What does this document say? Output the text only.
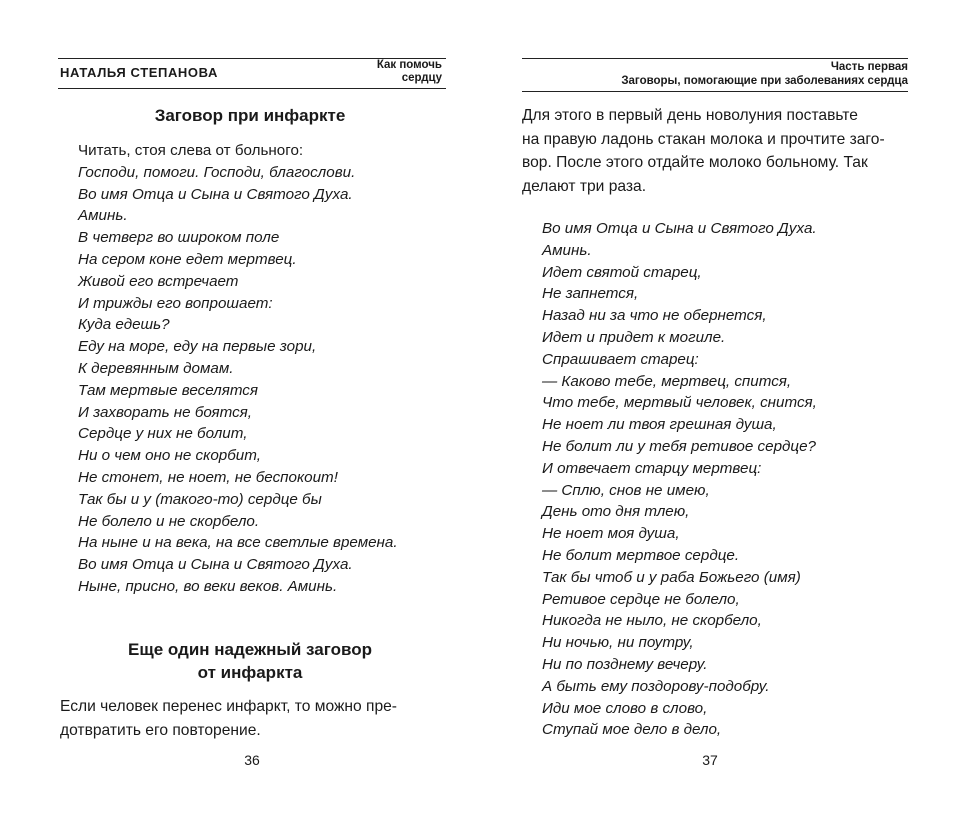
НАТАЛЬЯ СТЕПАНОВА	Как помочь
сердцу
Заговор при инфаркте
Читать, стоя слева от больного:
Господи, помоги. Господи, благослови.
Во имя Отца и Сына и Святого Духа.
Аминь.
В четверг во широком поле
На сером коне едет мертвец.
Живой его встречает
И трижды его вопрошает:
Куда едешь?
Еду на море, еду на первые зори,
К деревянным домам.
Там мертвые веселятся
И захворать не боятся,
Сердце у них не болит,
Ни о чем оно не скорбит,
Не стонет, не ноет, не беспокоит!
Так бы и у (такого-то) сердце бы
Не болело и не скорбело.
На ныне и на века, на все светлые времена.
Во имя Отца и Сына и Святого Духа.
Ныне, присно, во веки веков. Аминь.
Еще один надежный заговор
от инфаркта
Если человек перенес инфаркт, то можно пре-
дотвратить его повторение.
36
Часть первая
Заговоры, помогающие при заболеваниях сердца
Для этого в первый день новолуния поставьте
на правую ладонь стакан молока и прочтите заго-
вор. После этого отдайте молоко больному. Так
делают три раза.
Во имя Отца и Сына и Святого Духа.
Аминь.
Идет святой старец,
Не запнется,
Назад ни за что не обернется,
Идет и придет к могиле.
Спрашивает старец:
— Каково тебе, мертвец, спится,
Что тебе, мертвый человек, снится,
Не ноет ли твоя грешная душа,
Не болит ли у тебя ретивое сердце?
И отвечает старцу мертвец:
— Сплю, снов не имею,
День ото дня тлею,
Не ноет моя душа,
Не болит мертвое сердце.
Так бы чтоб и у раба Божьего (имя)
Ретивое сердце не болело,
Никогда не ныло, не скорбело,
Ни ночью, ни поутру,
Ни по позднему вечеру.
А быть ему поздорову-подобру.
Иди мое слово в слово,
Ступай мое дело в дело,
37
